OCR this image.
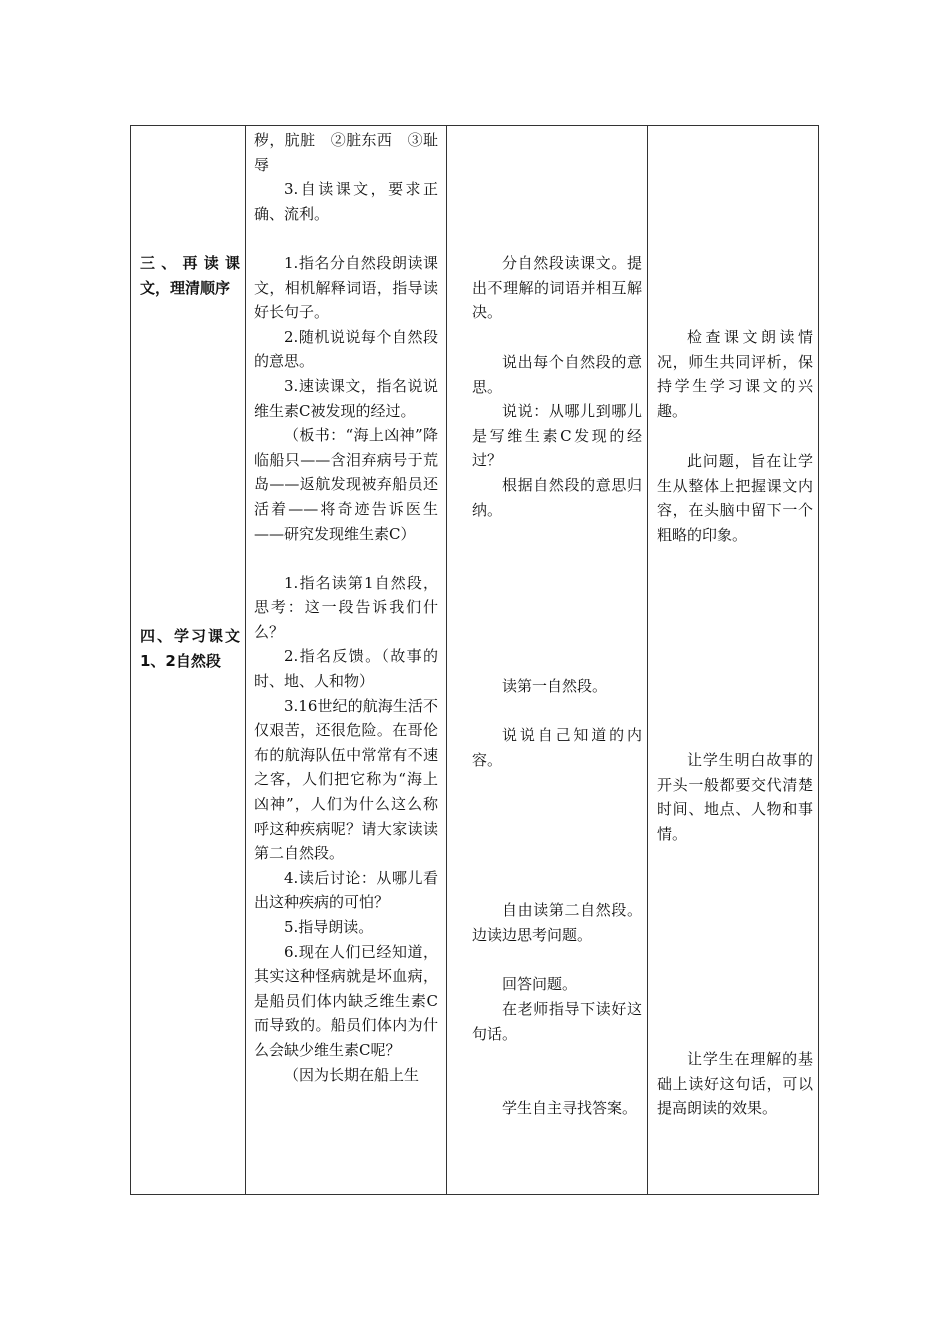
三、再读课文，理清顺序
四、学习课文1、2自然段

秽，肮脏　②脏东西　③耻辱

3.自读课文，要求正确、流利。

1.指名分自然段朗读课文，相机解释词语，指导读好长句子。

2.随机说说每个自然段的意思。

3.速读课文，指名说说维生素C被发现的经过。

（板书：“海上凶神”降临船只——含泪弃病号于荒岛——返航发现被弃船员还活着——将奇迹告诉医生——研究发现维生素C）

1.指名读第1自然段，思考：这一段告诉我们什么？

2.指名反馈。（故事的时、地、人和物）

3.16世纪的航海生活不仅艰苦，还很危险。在哥伦布的航海队伍中常常有不速之客，人们把它称为“海上凶神”，人们为什么这么称呼这种疾病呢？请大家读读第二自然段。

4.读后讨论：从哪儿看出这种疾病的可怕？

5.指导朗读。

6.现在人们已经知道，其实这种怪病就是坏血病，是船员们体内缺乏维生素C而导致的。船员们体内为什么会缺少维生素C呢？

（因为长期在船上生

分自然段读课文。提出不理解的词语并相互解决。

说出每个自然段的意思。

说说：从哪儿到哪儿是写维生素C发现的经过？

根据自然段的意思归纳。

读第一自然段。

说说自己知道的内容。

自由读第二自然段。边读边思考问题。

回答问题。

在老师指导下读好这句话。

学生自主寻找答案。

检查课文朗读情况，师生共同评析，保持学生学习课文的兴趣。

此问题，旨在让学生从整体上把握课文内容，在头脑中留下一个粗略的印象。

让学生明白故事的开头一般都要交代清楚时间、地点、人物和事情。

让学生在理解的基础上读好这句话，可以提高朗读的效果。
